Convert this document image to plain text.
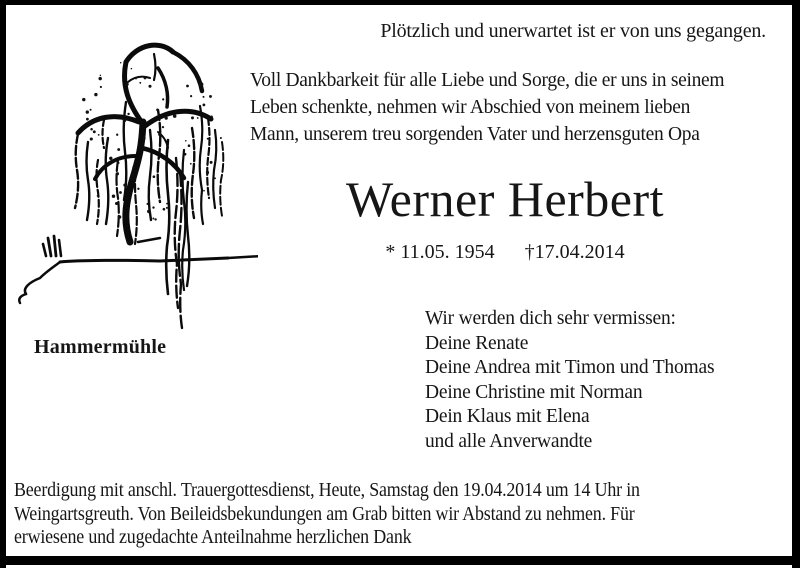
Plötzlich und unerwartet ist er von uns gegangen.
Voll Dankbarkeit für alle Liebe und Sorge, die er uns in seinem
Leben schenkte, nehmen wir Abschied von meinem lieben
Mann, unserem treu sorgenden Vater und herzensguten Opa
Werner Herbert
* 11.05. 1954 †17.04.2014
Wir werden dich sehr vermissen:
Deine Renate
Deine Andrea mit Timon und Thomas
Deine Christine mit Norman
Dein Klaus mit Elena
und alle Anverwandte
Hammermühle
Beerdigung mit anschl. Trauergottesdienst, Heute, Samstag den 19.04.2014 um 14 Uhr in
Weingartsgreuth. Von Beileidsbekundungen am Grab bitten wir Abstand zu nehmen. Für
erwiesene und zugedachte Anteilnahme herzlichen Dank
